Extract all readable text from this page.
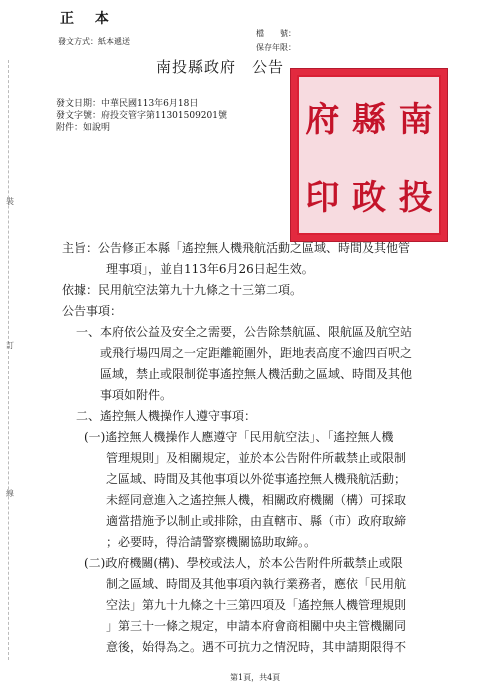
正 本
發文方式：紙本遞送
檔　　號：
保存年限：
南投縣政府　公告
發文日期：中華民國113年6月18日
發文字號：府投交管字第1130150920​1號
附件：如說明	府 縣 南
印 政 投
裝
訂
線
主旨：公告修正本縣「遙控無人機飛航活動之區域、時間及其他管
理事項」，並自113年6月26日起生效。
依據：民用航空法第九十九條之十三第二項。
公告事項：
一、本府依公益及安全之需要，公告除禁航區、限航區及航空站
或飛行場四周之一定距離範圍外，距地表高度不逾四百呎之
區域，禁止或限制從事遙控無人機活動之區域、時間及其他
事項如附件。
二、遙控無人機操作人遵守事項：
(一)遙控無人機操作人應遵守「民用航空法」、「遙控無人機
管理規則」及相關規定，並於本公告附件所載禁止或限制
之區域、時間及其他事項以外從事遙控無人機飛航活動；
未經同意進入之遙控無人機，相關政府機關（構）可採取
適當措施予以制止或排除，由直轄市、縣（市）政府取締
；必要時，得洽請警察機關協助取締。。
(二)政府機關(構)、學校或法人，於本公告附件所載禁止或限
制之區域、時間及其他事項內執行業務者，應依「民用航
空法」第九十九條之十三第四項及「遙控無人機管理規則
」第三十一條之規定，申請本府會商相關中央主管機關同
意後，始得為之。遇不可抗力之情況時，其申請期限得不
第1頁，共4頁
